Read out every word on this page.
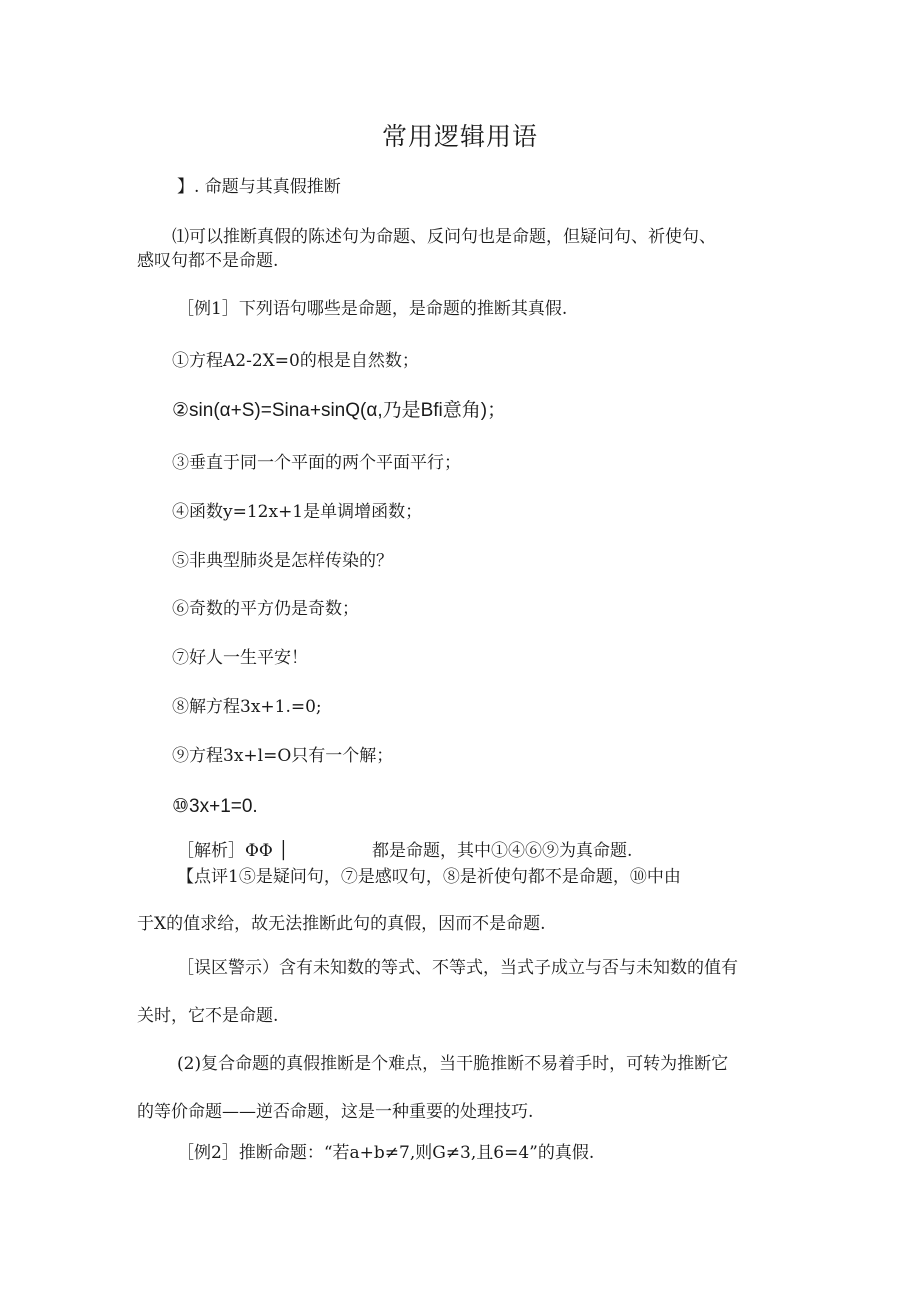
常用逻辑用语
】. 命题与其真假推断
⑴可以推断真假的陈述句为命题、反问句也是命题，但疑问句、祈使句、
感叹句都不是命题.
［例1］下列语句哪些是命题，是命题的推断其真假.
①方程A2-2X=0的根是自然数；
②sin(α+S)=Sina+sinQ(α,乃是Bfi意角)；
③垂直于同一个平面的两个平面平行；
④函数y=12x+1是单调增函数；
⑤非典型肺炎是怎样传染的？
⑥奇数的平方仍是奇数；
⑦好人一生平安！
⑧解方程3x+1.=0;
⑨方程3x+l=O只有一个解；
⑩3x+1=0.
［解析］ΦΦ │	都是命题，其中①④⑥⑨为真命题.
【点评1⑤是疑问句，⑦是感叹句，⑧是祈使句都不是命题，⑩中由
于X的值求给，故无法推断此句的真假，因而不是命题.
［误区警示）含有未知数的等式、不等式，当式子成立与否与未知数的值有
关时，它不是命题.
(2)复合命题的真假推断是个难点，当干脆推断不易着手时，可转为推断它
的等价命题——逆否命题，这是一种重要的处理技巧.
［例2］推断命题：“若a+b≠7,则G≠3,且6=4”的真假.
